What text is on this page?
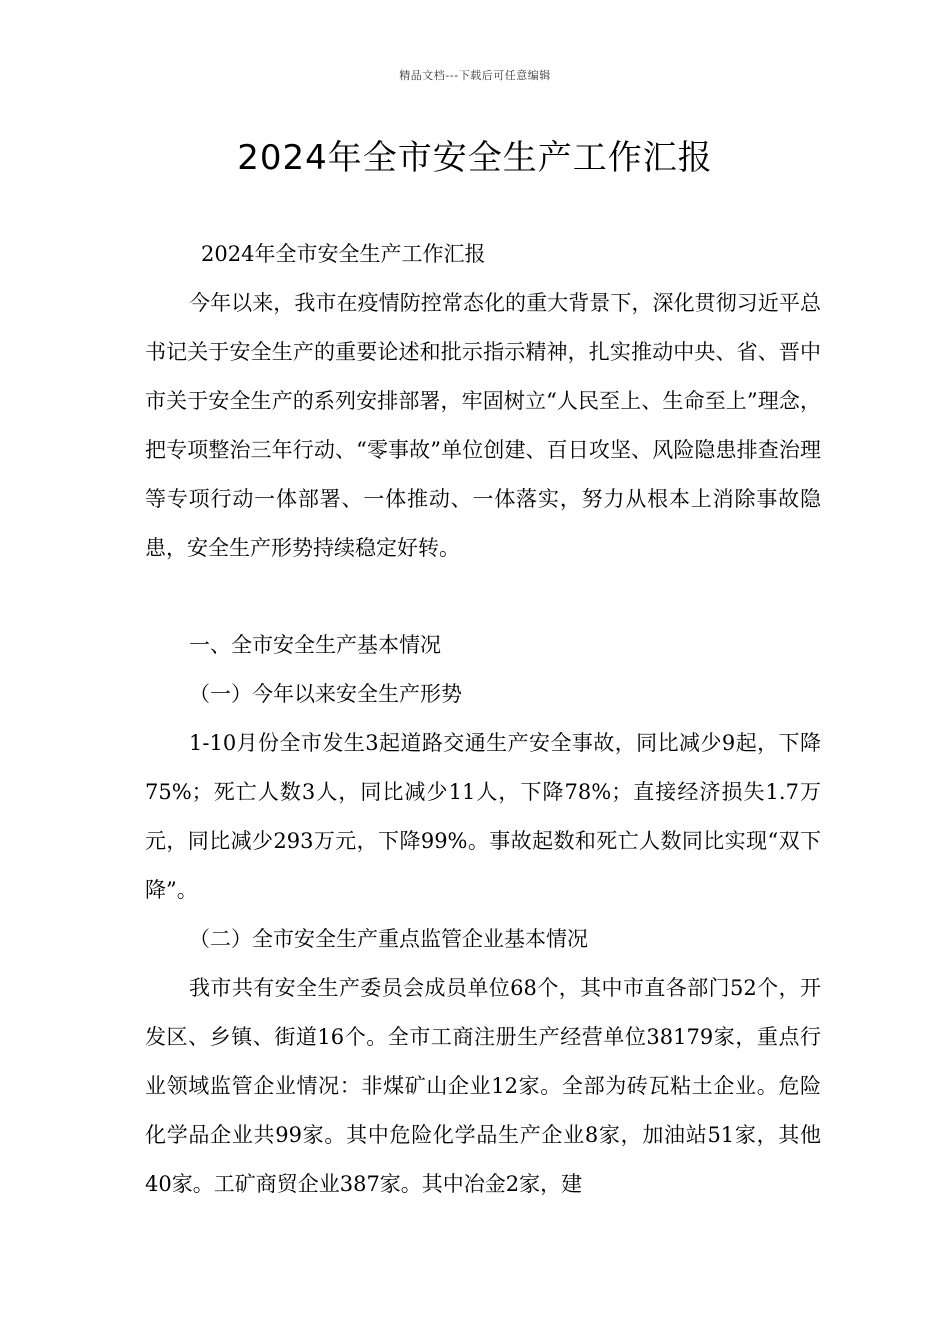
精品文档---下载后可任意编辑
2024年全市安全生产工作汇报

2024年全市安全生产工作汇报

今年以来，我市在疫情防控常态化的重大背景下，深化贯彻习近平总书记关于安全生产的重要论述和批示指示精神，扎实推动中央、省、晋中市关于安全生产的系列安排部署，牢固树立“人民至上、生命至上”理念，把专项整治三年行动、“零事故”单位创建、百日攻坚、风险隐患排查治理等专项行动一体部署、一体推动、一体落实，努力从根本上消除事故隐患，安全生产形势持续稳定好转。

一、全市安全生产基本情况

（一）今年以来安全生产形势

1-10月份全市发生3起道路交通生产安全事故，同比减少9起，下降75%；死亡人数3人，同比减少11人，下降78%；直接经济损失1.7万元，同比减少293万元，下降99%。事故起数和死亡人数同比实现“双下降”。

（二）全市安全生产重点监管企业基本情况

我市共有安全生产委员会成员单位68个，其中市直各部门52个，开发区、乡镇、街道16个。全市工商注册生产经营单位38179家，重点行业领域监管企业情况：非煤矿山企业12家。全部为砖瓦粘土企业。危险化学品企业共99家。其中危险化学品生产企业8家，加油站51家，其他40家。工矿商贸企业387家。其中冶金2家，建
